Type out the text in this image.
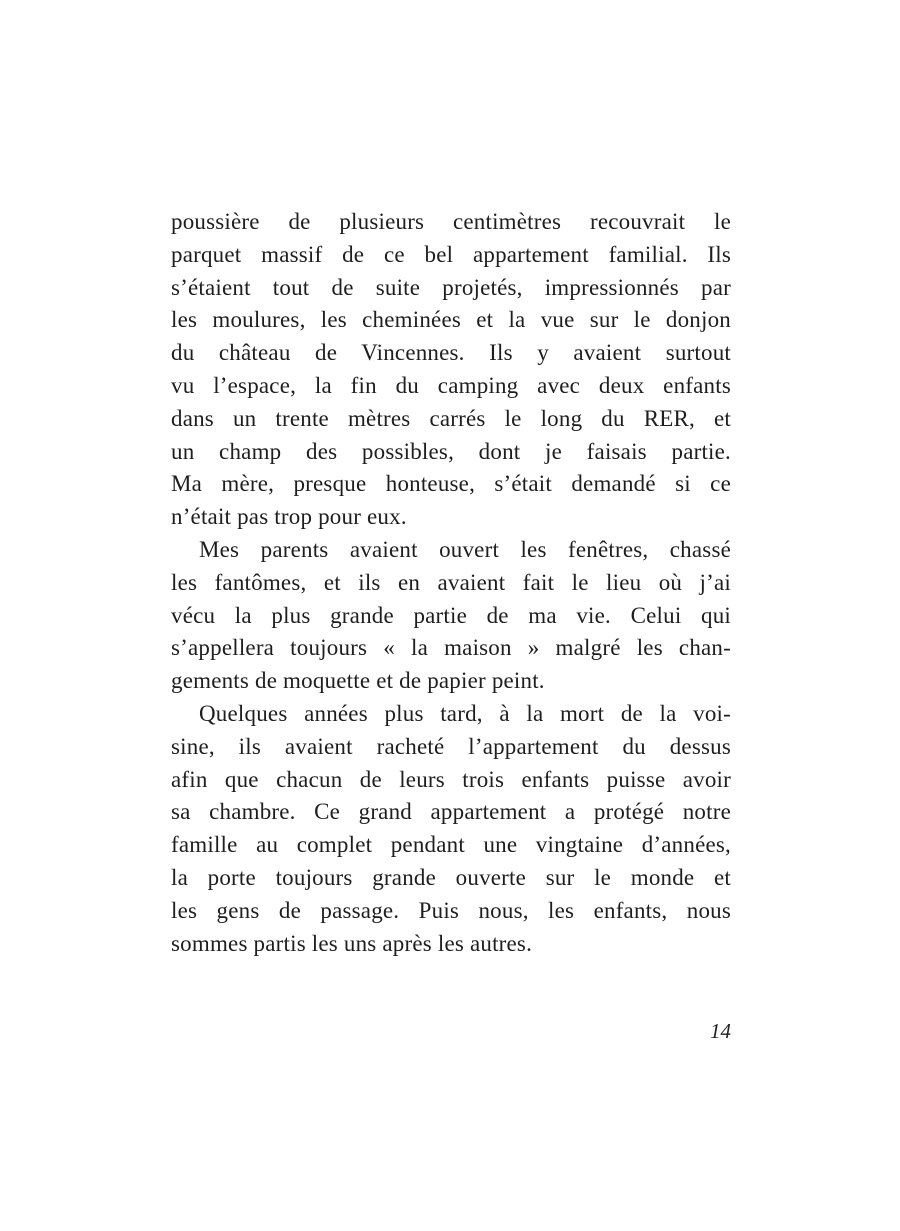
poussière de plusieurs centimètres recouvrait le
parquet massif de ce bel appartement familial. Ils
s’étaient tout de suite projetés, impressionnés par
les moulures, les cheminées et la vue sur le donjon
du château de Vincennes. Ils y avaient surtout
vu l’espace, la fin du camping avec deux enfants
dans un trente mètres carrés le long du RER, et
un champ des possibles, dont je faisais partie.
Ma mère, presque honteuse, s’était demandé si ce
n’était pas trop pour eux.
Mes parents avaient ouvert les fenêtres, chassé
les fantômes, et ils en avaient fait le lieu où j’ai
vécu la plus grande partie de ma vie. Celui qui
s’appellera toujours « la maison » malgré les chan-
gements de moquette et de papier peint.
Quelques années plus tard, à la mort de la voi-
sine, ils avaient racheté l’appartement du dessus
afin que chacun de leurs trois enfants puisse avoir
sa chambre. Ce grand appartement a protégé notre
famille au complet pendant une vingtaine d’années,
la porte toujours grande ouverte sur le monde et
les gens de passage. Puis nous, les enfants, nous
sommes partis les uns après les autres.
14
